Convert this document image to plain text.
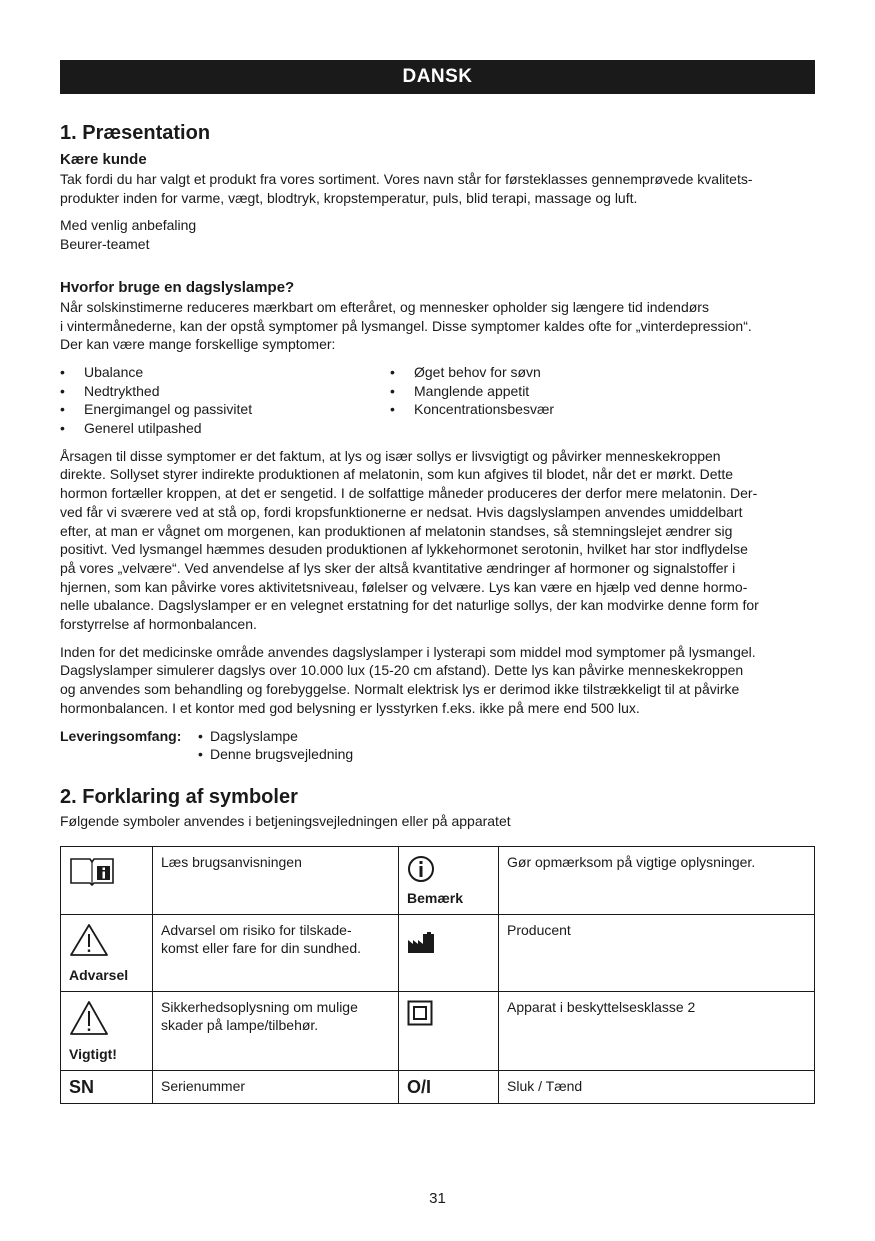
DANSK
1. Præsentation
Kære kunde

Tak fordi du har valgt et produkt fra vores sortiment. Vores navn står for førsteklasses gennemprøvede kvalitets-

produkter inden for varme, vægt, blodtryk, kropstemperatur, puls, blid terapi, massage og luft.

Med venlig anbefaling

Beurer-teamet

Hvorfor bruge en dagslyslampe?

Når solskinstimerne reduceres mærkbart om efteråret, og mennesker opholder sig længere tid indendørs

i vintermånederne, kan der opstå symptomer på lysmangel. Disse symptomer kaldes ofte for „vinterdepression“.

Der kan være mange forskellige symptomer:

• Ubalance
• Nedtrykthed
• Energimangel og passivitet
• Generel utilpashed
• Øget behov for søvn
• Manglende appetit
• Koncentrationsbesvær

Årsagen til disse symptomer er det faktum, at lys og især sollys er livsvigtigt og påvirker menneskekroppen

direkte. Sollyset styrer indirekte produktionen af melatonin, som kun afgives til blodet, når det er mørkt. Dette

hormon fortæller kroppen, at det er sengetid. I de solfattige måneder produceres der derfor mere melatonin. Der-

ved får vi sværere ved at stå op, fordi kropsfunktionerne er nedsat. Hvis dagslyslampen anvendes umiddelbart

efter, at man er vågnet om morgenen, kan produktionen af melatonin standses, så stemningslejet ændrer sig

positivt. Ved lysmangel hæmmes desuden produktionen af lykkehormonet serotonin, hvilket har stor indflydelse

på vores „velvære“. Ved anvendelse af lys sker der altså kvantitative ændringer af hormoner og signalstoffer i

hjernen, som kan påvirke vores aktivitetsniveau, følelser og velvære. Lys kan være en hjælp ved denne hormo-

nelle ubalance. Dagslyslamper er en velegnet erstatning for det naturlige sollys, der kan modvirke denne form for

forstyrrelse af hormonbalancen.

Inden for det medicinske område anvendes dagslyslamper i lysterapi som middel mod symptomer på lysmangel.

Dagslyslamper simulerer dagslys over 10.000 lux (15-20 cm afstand). Dette lys kan påvirke menneskekroppen

og anvendes som behandling og forebyggelse. Normalt elektrisk lys er derimod ikke tilstrækkeligt til at påvirke

hormonbalancen. I et kontor med god belysning er lysstyrken f.eks. ikke på mere end 500 lux.

Leveringsomfang:	• Dagslyslampe
• Denne brugsvejledning
2. Forklaring af symboler

Følgende symboler anvendes i betjeningsvejledningen eller på apparatet

	Læs brugsanvisningen	Bemærk	Gør opmærksom på vigtige oplysninger.

Advarsel	Advarsel om risiko for tilskade-
komst eller fare for din sundhed.		Producent

Vigtigt!	Sikkerhedsoplysning om mulige
skader på lampe/tilbehør.		Apparat i beskyttelsesklasse 2
SN	Serienummer	O/I	Sluk / Tænd
31
